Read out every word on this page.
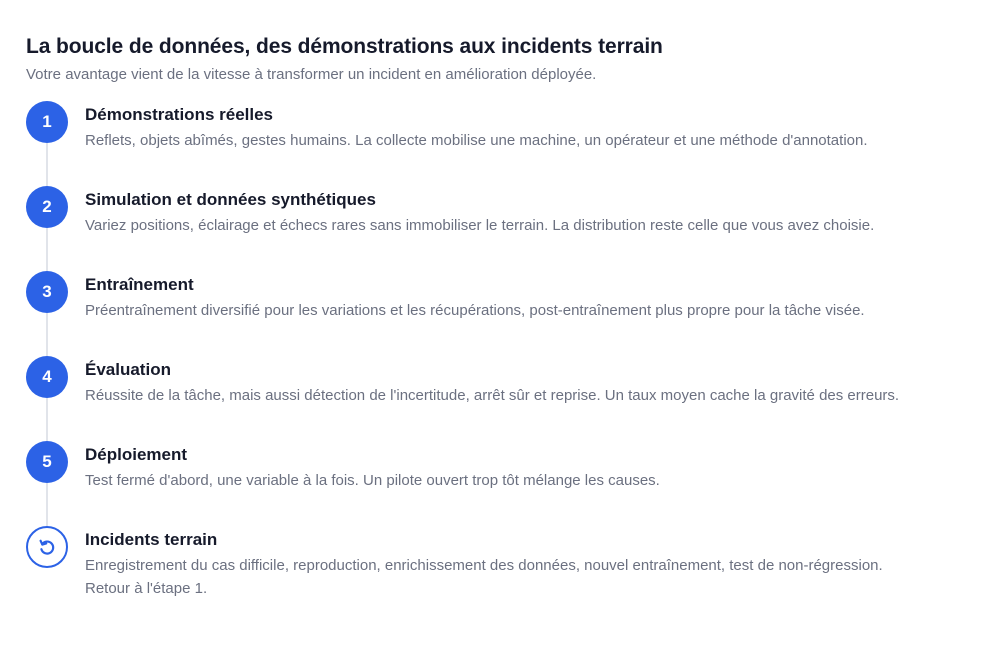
La boucle de données, des démonstrations aux incidents terrain

Votre avantage vient de la vitesse à transformer un incident en amélioration déployée.

1	Démonstrations réelles
Reflets, objets abîmés, gestes humains. La collecte mobilise une machine, un opérateur et une méthode d'annotation.
2	Simulation et données synthétiques
Variez positions, éclairage et échecs rares sans immobiliser le terrain. La distribution reste celle que vous avez choisie.
3	Entraînement
Préentraînement diversifié pour les variations et les récupérations, post-entraînement plus propre pour la tâche visée.
4	Évaluation
Réussite de la tâche, mais aussi détection de l'incertitude, arrêt sûr et reprise. Un taux moyen cache la gravité des erreurs.
5	Déploiement
Test fermé d'abord, une variable à la fois. Un pilote ouvert trop tôt mélange les causes.
Incidents terrain
Enregistrement du cas difficile, reproduction, enrichissement des données, nouvel entraînement, test de non-régression.
Retour à l'étape 1.
